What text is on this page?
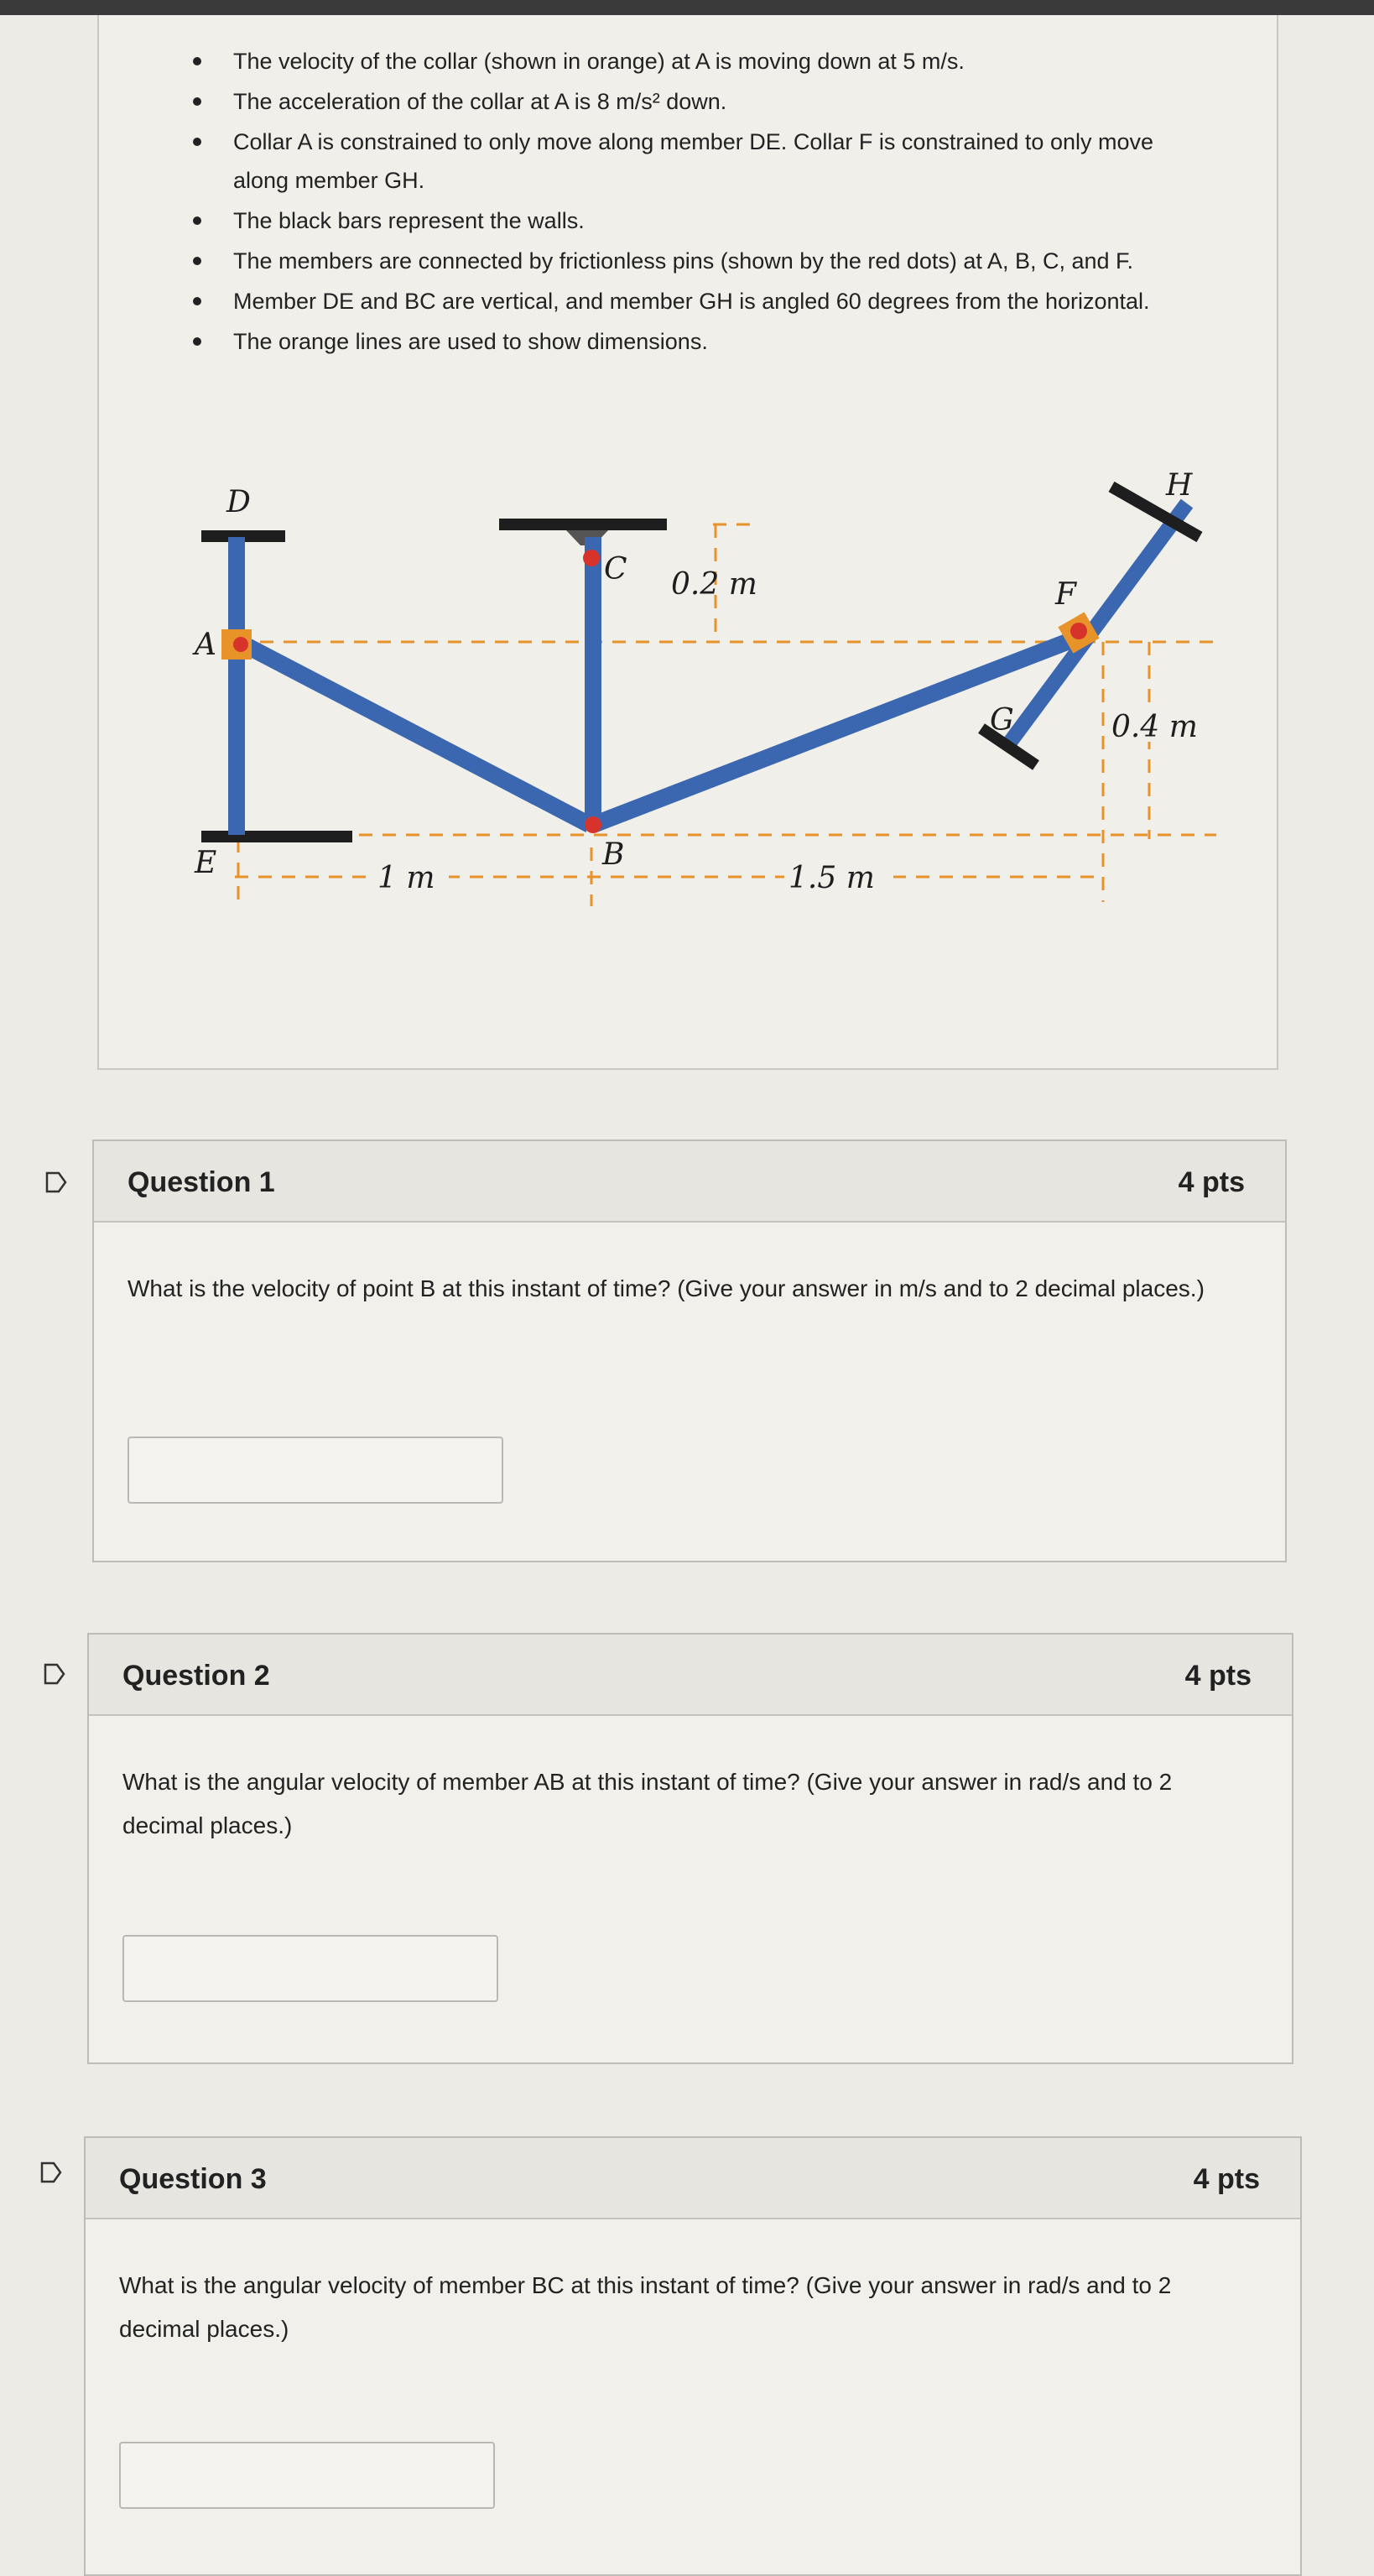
The velocity of the collar (shown in orange) at A is moving down at 5 m/s.
The acceleration of the collar at A is 8 m/s² down.
Collar A is constrained to only move along member DE. Collar F is constrained to only move along member GH.
The black bars represent the walls.
The members are connected by frictionless pins (shown by the red dots) at A, B, C, and F.
Member DE and BC are vertical, and member GH is angled 60 degrees from the horizontal.
The orange lines are used to show dimensions.
D
A
E
C
B
F
G
H
1 m
0.2 m
1.5 m
0.4 m
Question 1	4 pts
What is the velocity of point B at this instant of time? (Give your answer in m/s and to 2 decimal places.)
Question 2	4 pts
What is the angular velocity of member AB at this instant of time? (Give your answer in rad/s and to 2 decimal places.)
Question 3	4 pts
What is the angular velocity of member BC at this instant of time? (Give your answer in rad/s and to 2 decimal places.)
